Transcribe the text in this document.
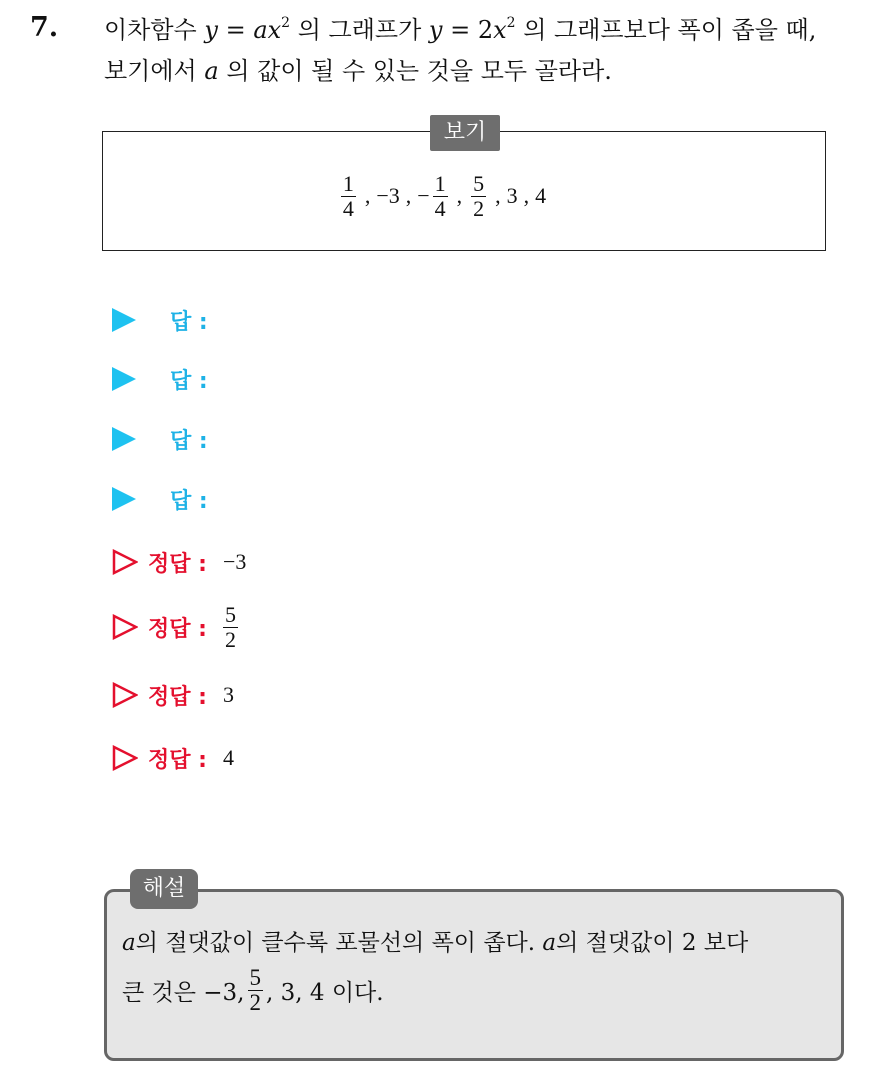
7. 이차함수 $y = ax^2$ 의 그래프가 $y = 2x^2$ 의 그래프보다 폭이 좁을 때,
보기에서 a 의 값이 될 수 있는 것을 모두 골라라.
보기
$\frac{1}{4}$ , −3 , − $\frac{1}{4}$ , $\frac{5}{2}$ , 3 , 4
답 :
답 :
답 :
답 :
정답 : −3
정답 : $\frac{5}{2}$
정답 : 3
정답 : 4
해설
a의 절댓값이 클수록 포물선의 폭이 좁다. a의 절댓값이 2 보다
큰 것은 −3, $\frac{5}{2}$ , 3, 4 이다.
